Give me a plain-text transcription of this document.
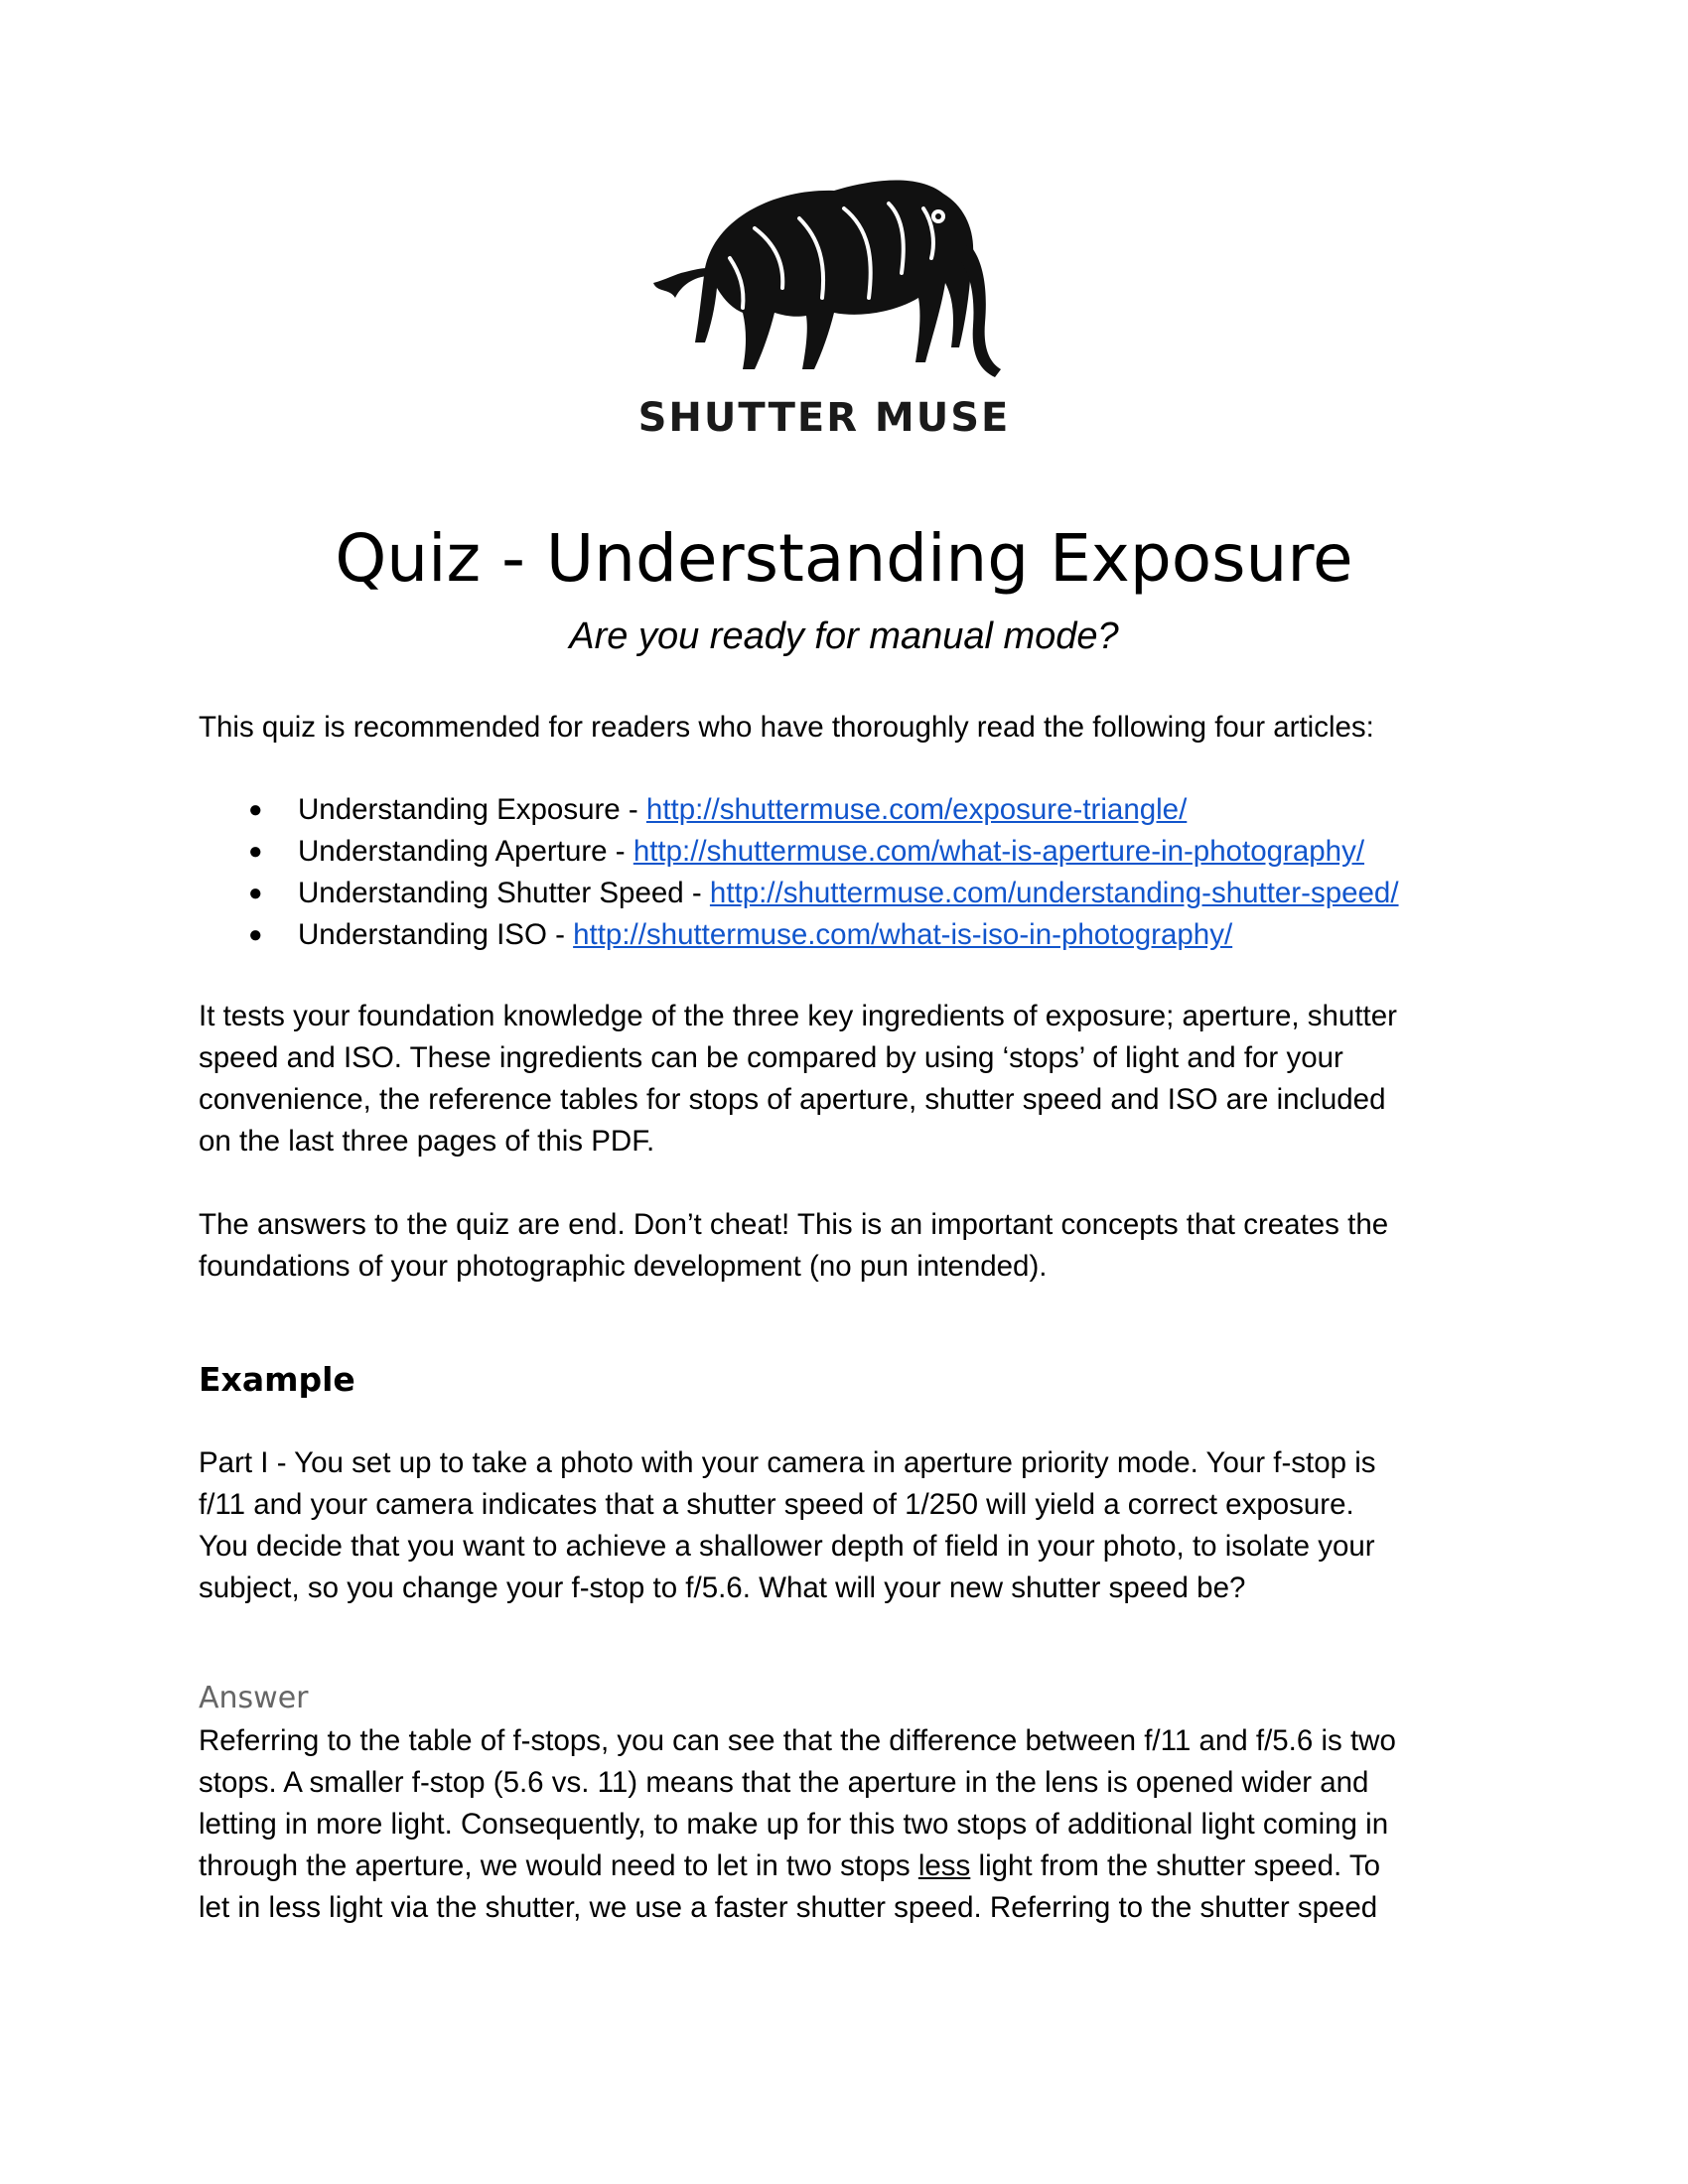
SHUTTER MUSE
Quiz - Understanding Exposure
Are you ready for manual mode?
This quiz is recommended for readers who have thoroughly read the following four articles:
● Understanding Exposure - http://shuttermuse.com/exposure-triangle/
● Understanding Aperture - http://shuttermuse.com/what-is-aperture-in-photography/
● Understanding Shutter Speed - http://shuttermuse.com/understanding-shutter-speed/
● Understanding ISO - http://shuttermuse.com/what-is-iso-in-photography/
It tests your foundation knowledge of the three key ingredients of exposure; aperture, shutter
speed and ISO. These ingredients can be compared by using ‘stops’ of light and for your
convenience, the reference tables for stops of aperture, shutter speed and ISO are included
on the last three pages of this PDF.
The answers to the quiz are end. Don’t cheat! This is an important concepts that creates the
foundations of your photographic development (no pun intended).
Example
Part I - You set up to take a photo with your camera in aperture priority mode. Your f-stop is
f/11 and your camera indicates that a shutter speed of 1/250 will yield a correct exposure.
You decide that you want to achieve a shallower depth of field in your photo, to isolate your
subject, so you change your f-stop to f/5.6. What will your new shutter speed be?
Answer
Referring to the table of f-stops, you can see that the difference between f/11 and f/5.6 is two
stops. A smaller f-stop (5.6 vs. 11) means that the aperture in the lens is opened wider and
letting in more light. Consequently, to make up for this two stops of additional light coming in
through the aperture, we would need to let in two stops less light from the shutter speed. To
let in less light via the shutter, we use a faster shutter speed. Referring to the shutter speed
